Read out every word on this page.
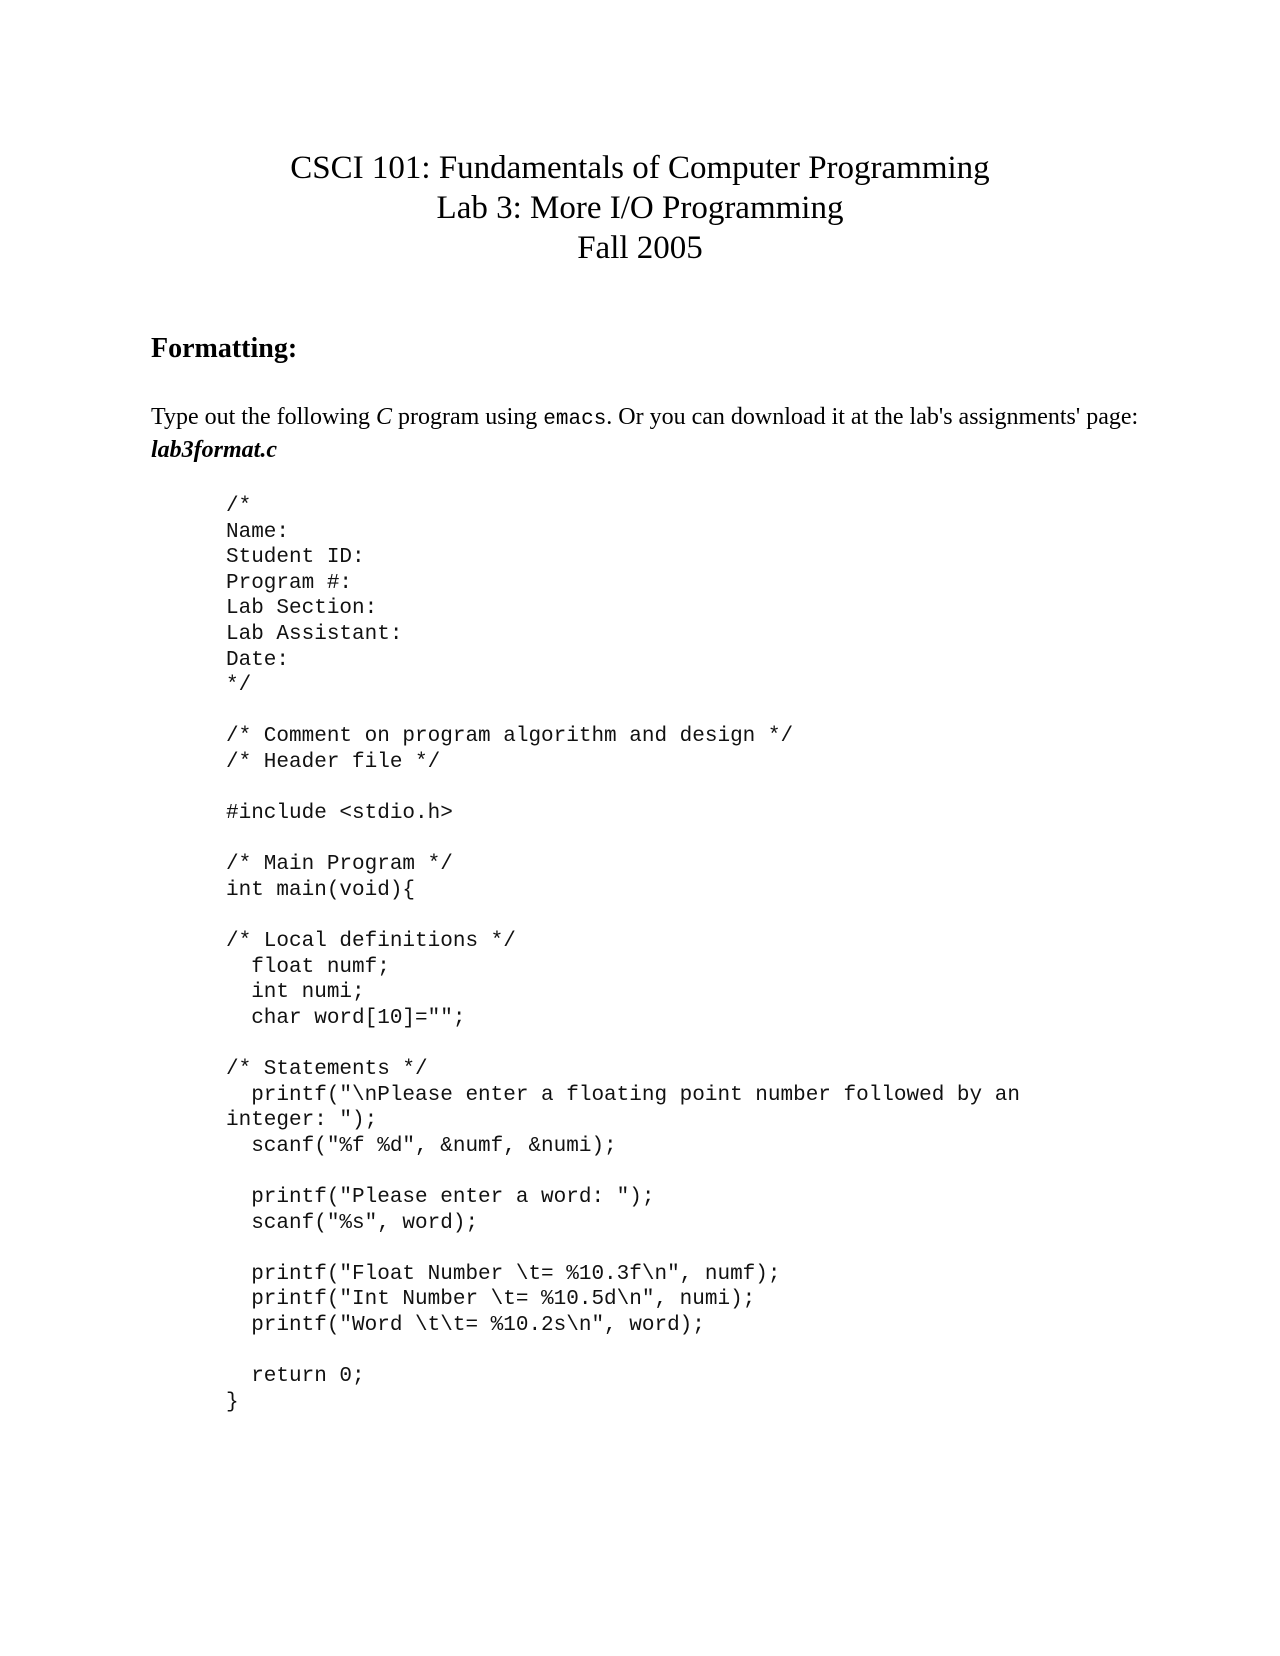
CSCI 101: Fundamentals of Computer Programming
Lab 3: More I/O Programming
Fall 2005
Formatting:

Type out the following C program using emacs. Or you can download it at the lab's assignments' page: lab3format.c

/*
Name:
Student ID:
Program #:
Lab Section:
Lab Assistant:
Date:
*/

/* Comment on program algorithm and design */
/* Header file */

#include <stdio.h>

/* Main Program */
int main(void){

/* Local definitions */
float numf;
int numi;
char word[10]="";

/* Statements */
printf("\nPlease enter a floating point number followed by an
integer: ");
scanf("%f %d", &numf, &numi);

printf("Please enter a word: ");
scanf("%s", word);

printf("Float Number \t= %10.3f\n", numf);
printf("Int Number \t= %10.5d\n", numi);
printf("Word \t\t= %10.2s\n", word);

return 0;
}
